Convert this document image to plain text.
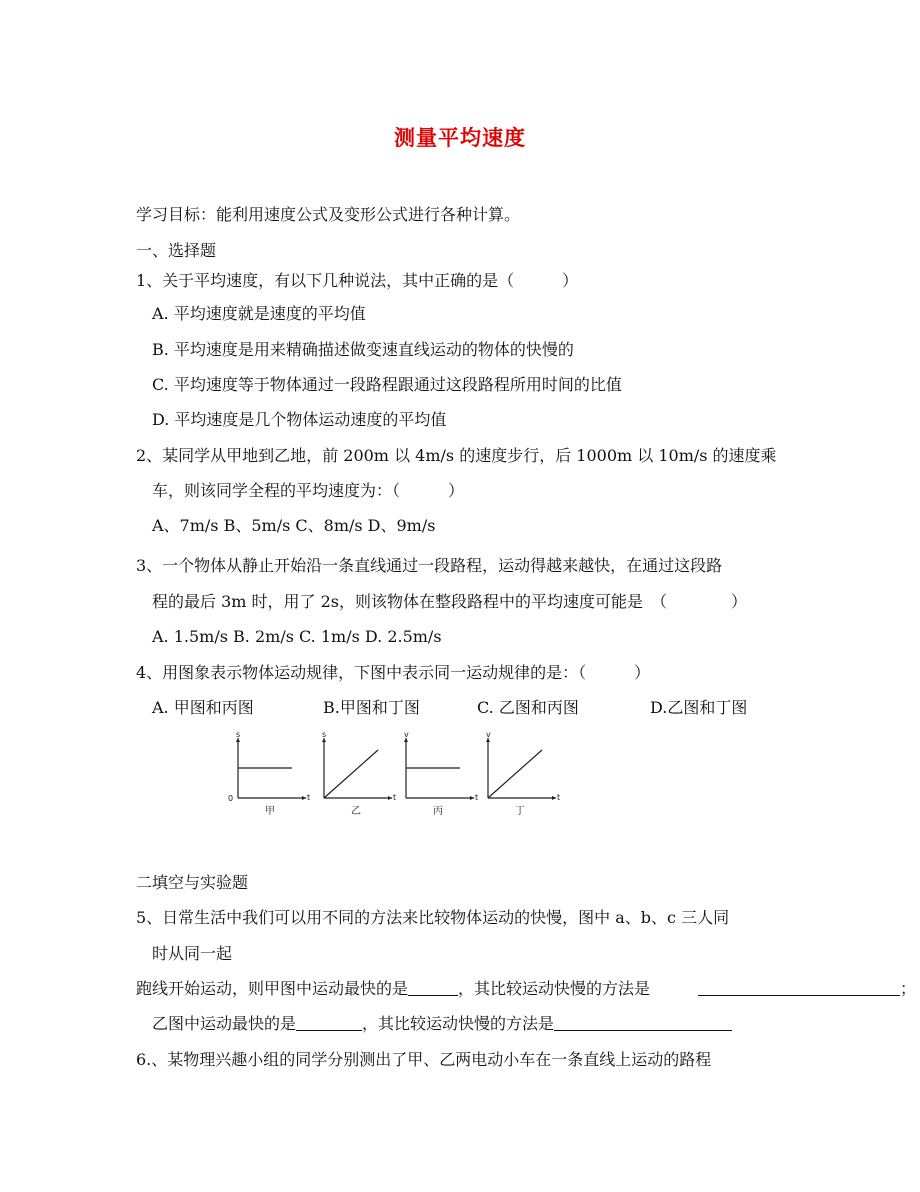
测量平均速度
学习目标：能利用速度公式及变形公式进行各种计算。
一、选择题
1、关于平均速度，有以下几种说法，其中正确的是（　　　）
A. 平均速度就是速度的平均值
B. 平均速度是用来精确描述做变速直线运动的物体的快慢的
C. 平均速度等于物体通过一段路程跟通过这段路程所用时间的比值
D. 平均速度是几个物体运动速度的平均值
2、某同学从甲地到乙地，前 200m 以 4m/s 的速度步行，后 1000m 以 10m/s 的速度乘
车，则该同学全程的平均速度为：（　　　）
A、7m/s B、5m/s C、8m/s D、9m/s
3、一个物体从静止开始沿一条直线通过一段路程，运动得越来越快，在通过这段路
程的最后 3m 时，用了 2s，则该物体在整段路程中的平均速度可能是　（　　　　）
A. 1.5m/s B. 2m/s C. 1m/s D. 2.5m/s
4、用图象表示物体运动规律，下图中表示同一运动规律的是：（　　　）
A. 甲图和丙图	B.甲图和丁图	C. 乙图和丙图	D.乙图和丁图
s
t
0
甲
s
t
乙
v
t
丙
v
t
丁
二填空与实验题
5、日常生活中我们可以用不同的方法来比较物体运动的快慢，图中 a、b、c 三人同
时从同一起
跑线开始运动，则甲图中运动最快的是	，其比较运动快慢的方法是	；
乙图中运动最快的是	，其比较运动快慢的方法是
6.、某物理兴趣小组的同学分别测出了甲、乙两电动小车在一条直线上运动的路程
